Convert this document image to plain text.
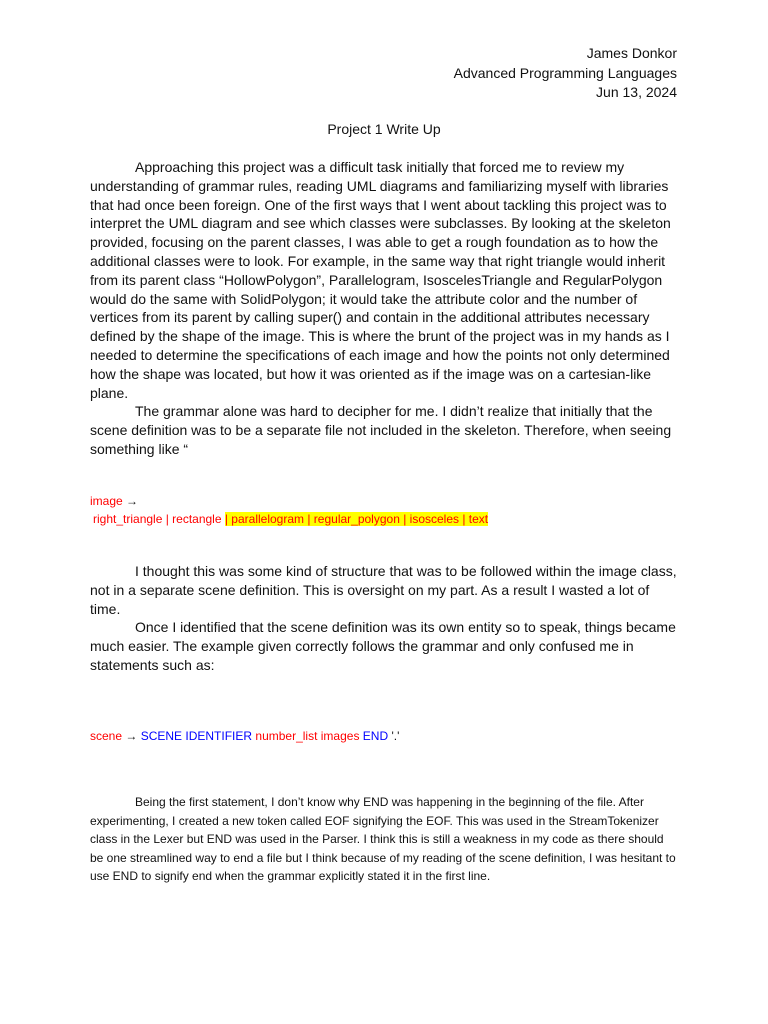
James Donkor
Advanced Programming Languages
Jun 13, 2024
Project 1 Write Up

Approaching this project was a difficult task initially that forced me to review my understanding of grammar rules, reading UML diagrams and familiarizing myself with libraries that had once been foreign. One of the first ways that I went about tackling this project was to interpret the UML diagram and see which classes were subclasses. By looking at the skeleton provided, focusing on the parent classes, I was able to get a rough foundation as to how the additional classes were to look. For example, in the same way that right triangle would inherit from its parent class “HollowPolygon”, Parallelogram, IsoscelesTriangle and RegularPolygon would do the same with SolidPolygon; it would take the attribute color and the number of vertices from its parent by calling super() and contain in the additional attributes necessary defined by the shape of the image. This is where the brunt of the project was in my hands as I needed to determine the specifications of each image and how the points not only determined how the shape was located, but how it was oriented as if the image was on a cartesian-like plane.
The grammar alone was hard to decipher for me. I didn’t realize that initially that the scene definition was to be a separate file not included in the skeleton. Therefore, when seeing something like “

image →
right_triangle | rectangle | parallelogram | regular_polygon | isosceles | text

I thought this was some kind of structure that was to be followed within the image class, not in a separate scene definition. This is oversight on my part. As a result I wasted a lot of time.

Once I identified that the scene definition was its own entity so to speak, things became much easier. The example given correctly follows the grammar and only confused me in statements such as:

scene → SCENE IDENTIFIER number_list images END '.'

Being the first statement, I don’t know why END was happening in the beginning of the file. After experimenting, I created a new token called EOF signifying the EOF. This was used in the StreamTokenizer class in the Lexer but END was used in the Parser. I think this is still a weakness in my code as there should be one streamlined way to end a file but I think because of my reading of the scene definition, I was hesitant to use END to signify end when the grammar explicitly stated it in the first line.
